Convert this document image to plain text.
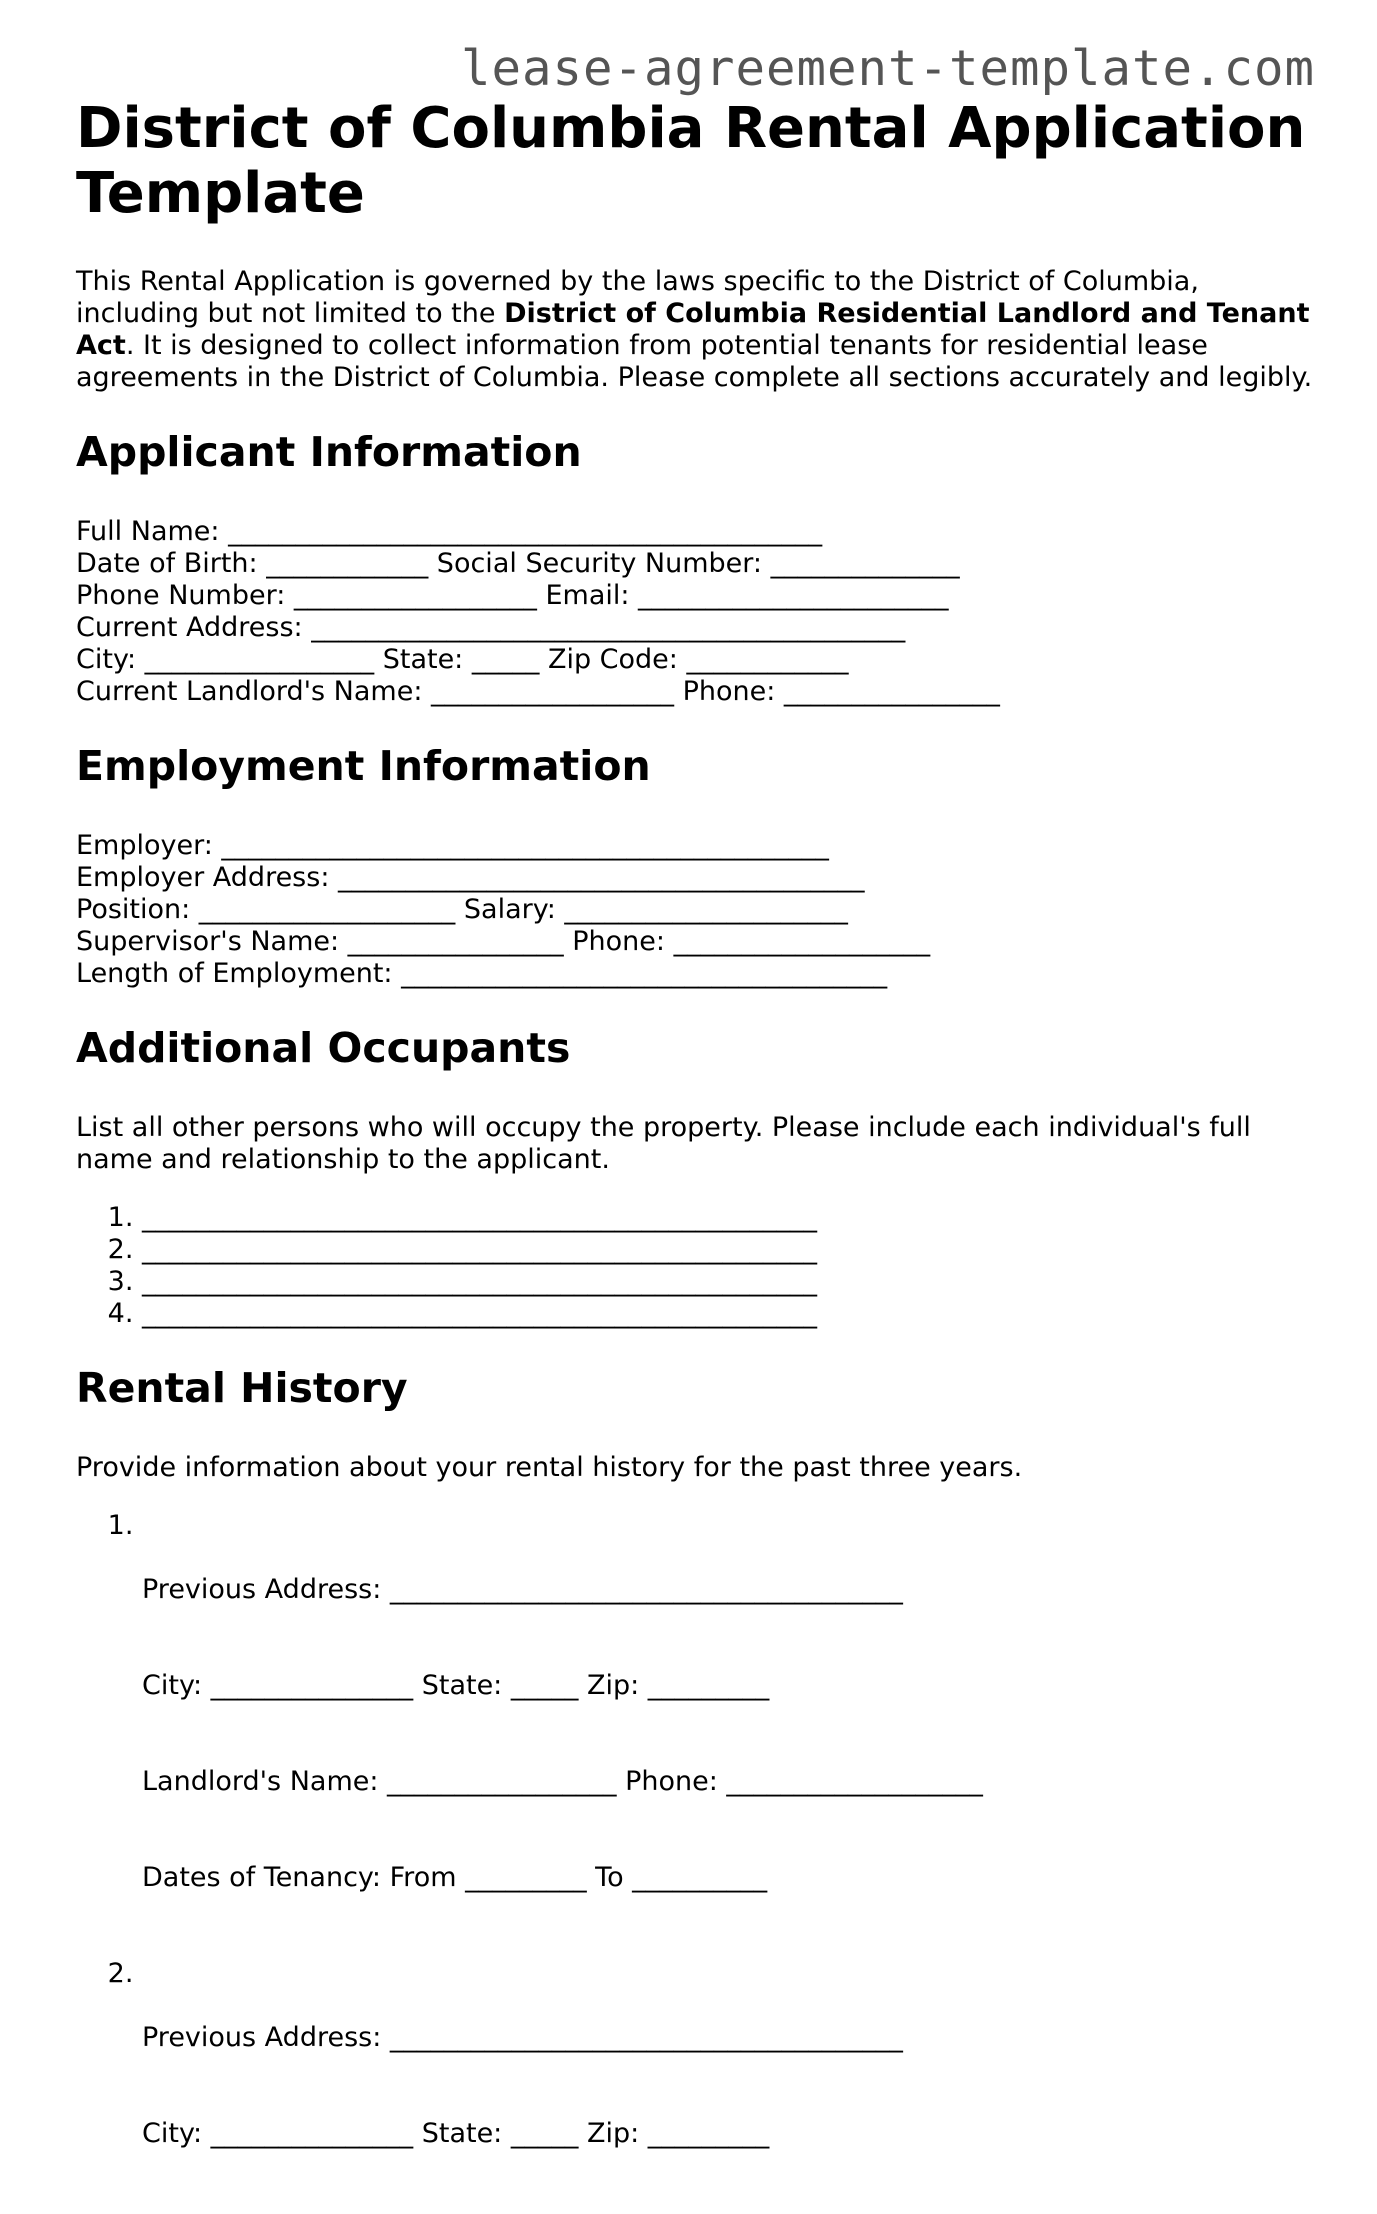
lease-agreement-template.com
District of Columbia Rental Application Template

This Rental Application is governed by the laws specific to the District of Columbia, including but not limited to the District of Columbia Residential Landlord and Tenant Act. It is designed to collect information from potential tenants for residential lease agreements in the District of Columbia. Please complete all sections accurately and legibly.

Applicant Information
Full Name: ____________________________________________
Date of Birth: ____________ Social Security Number: ______________
Phone Number: __________________ Email: _______________________
Current Address: ____________________________________________
City: _________________ State: _____ Zip Code: ____________
Current Landlord's Name: __________________ Phone: ________________
Employment Information
Employer: _____________________________________________
Employer Address: _______________________________________
Position: ___________________ Salary: _____________________
Supervisor's Name: ________________ Phone: ___________________
Length of Employment: ____________________________________
Additional Occupants
List all other persons who will occupy the property. Please include each individual's full name and relationship to the applicant.
1. __________________________________________________
2. __________________________________________________
3. __________________________________________________
4. __________________________________________________
Rental History
Provide information about your rental history for the past three years.

1. Previous Address: ______________________________________

City: _______________ State: _____ Zip: _________

Landlord's Name: _________________ Phone: ___________________

Dates of Tenancy: From _________ To __________

2. Previous Address: ______________________________________

City: _______________ State: _____ Zip: _________
